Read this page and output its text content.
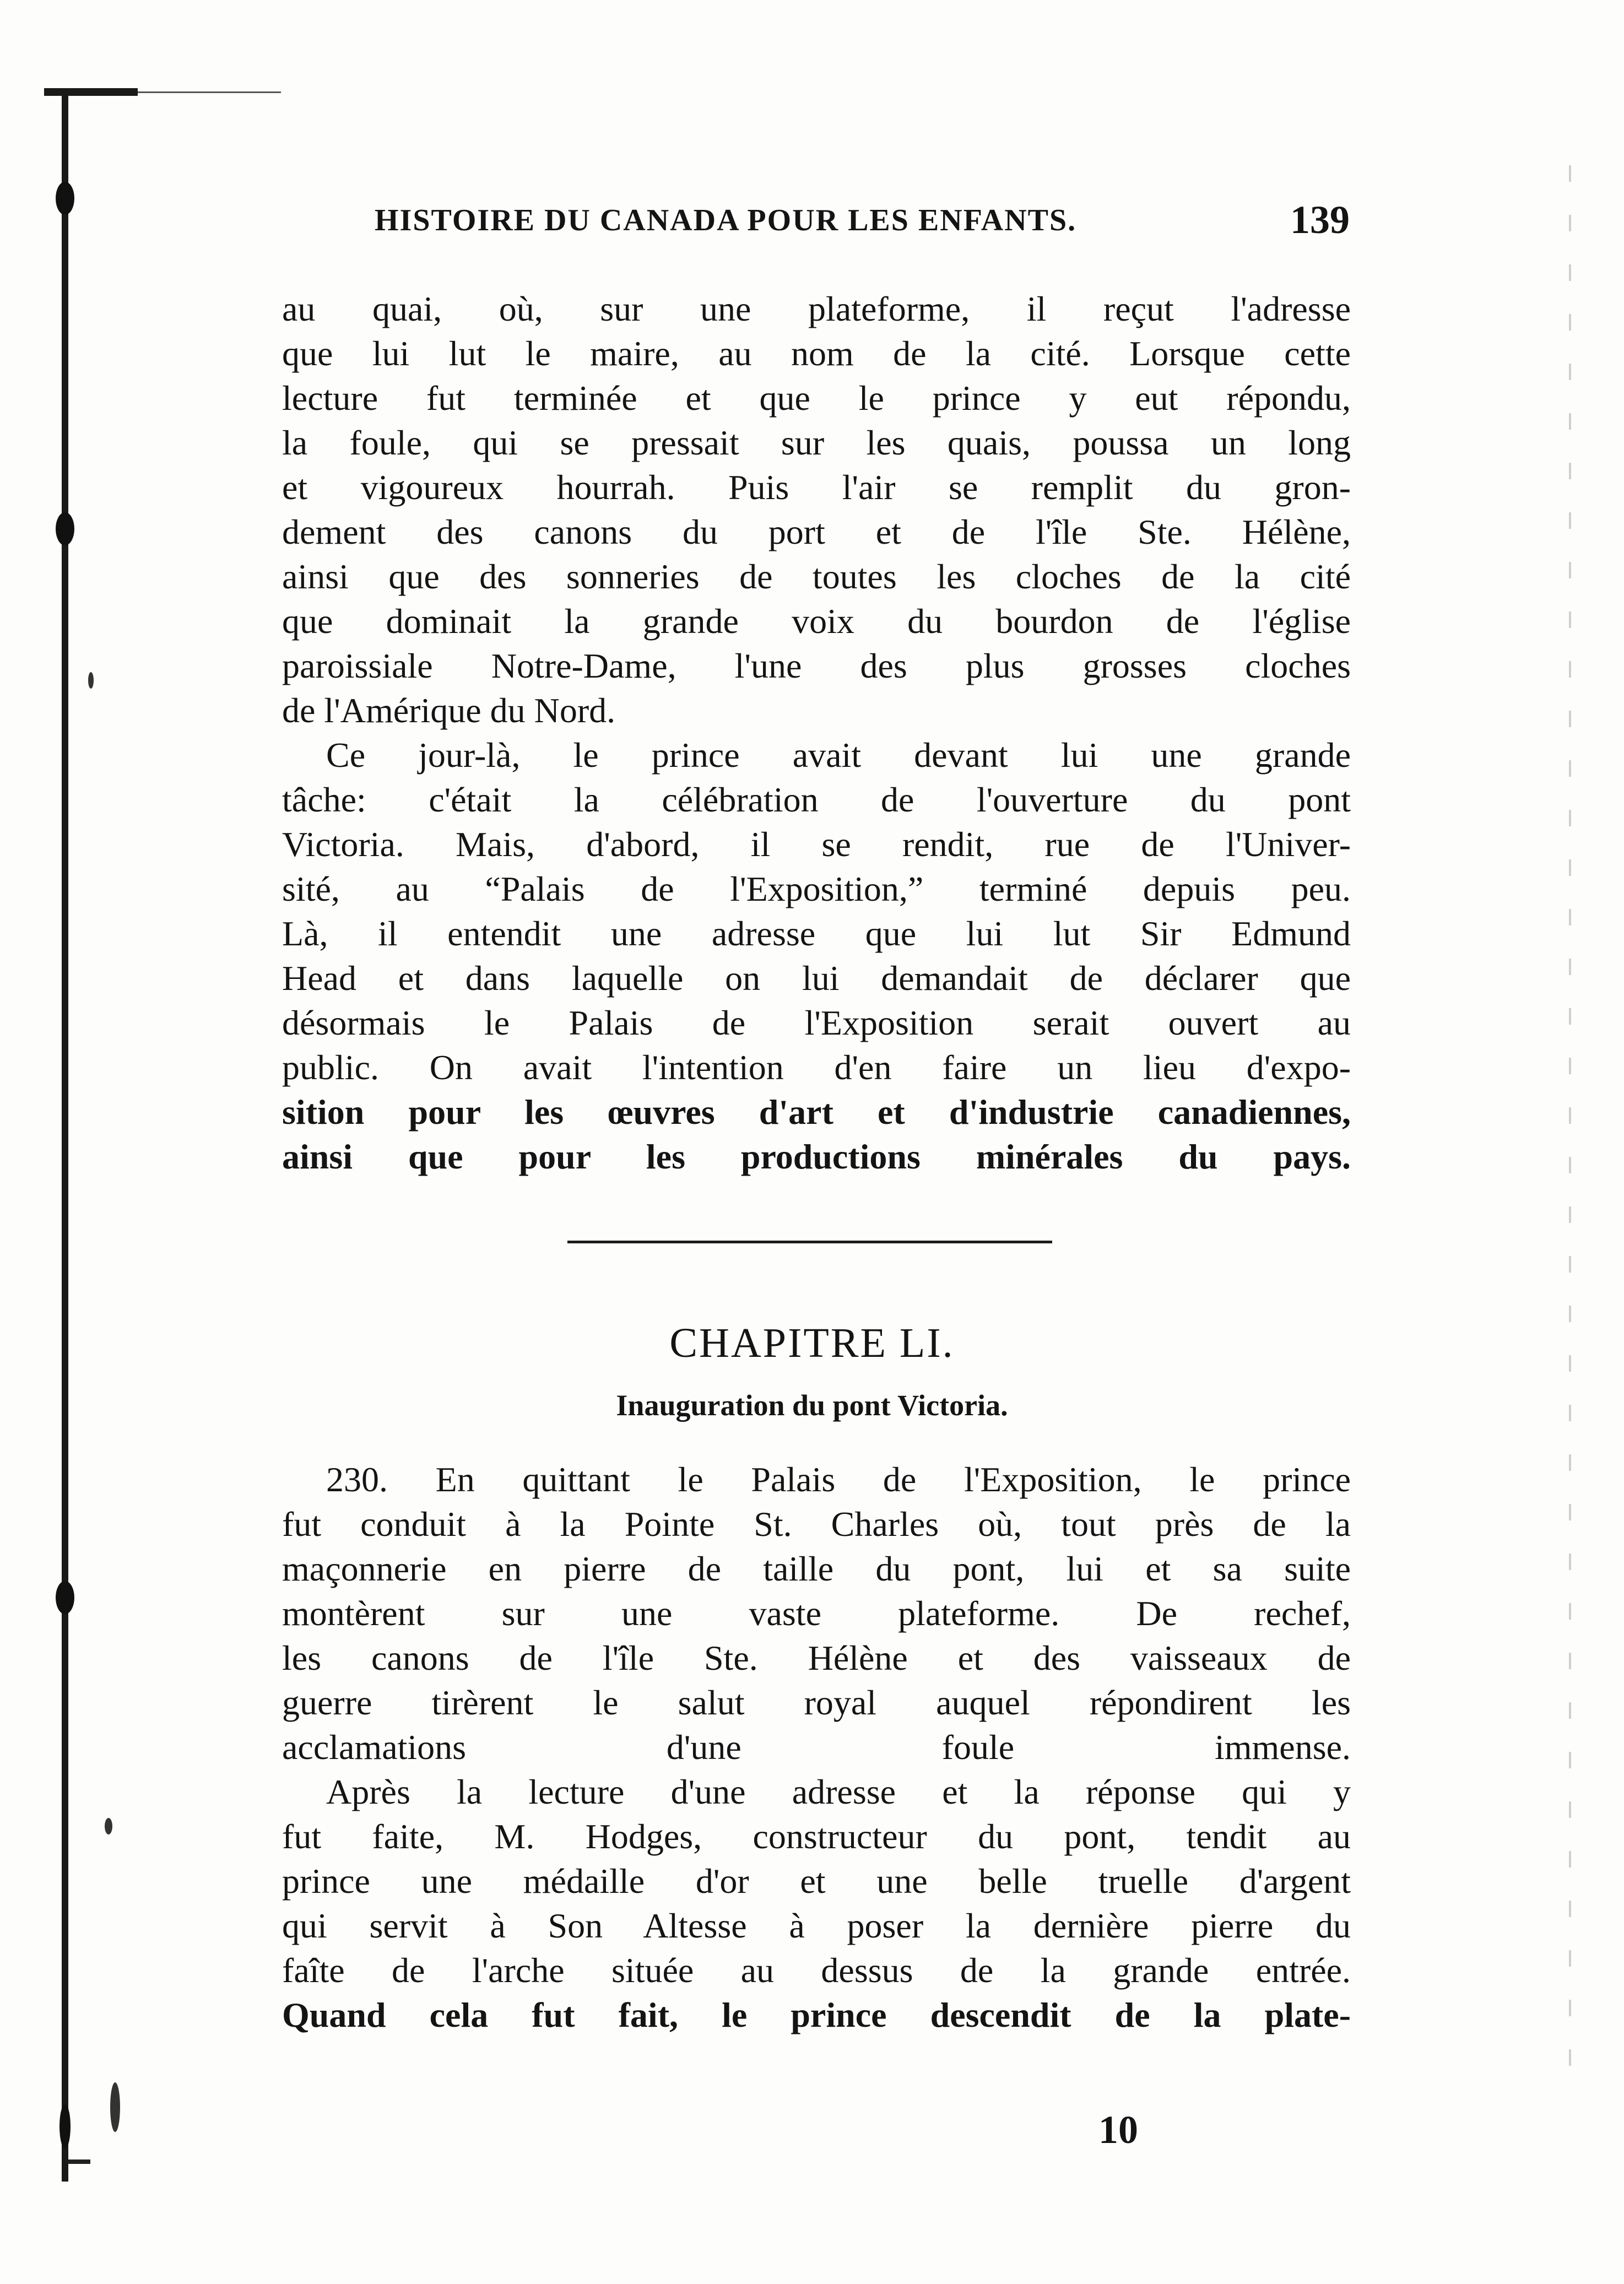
HISTOIRE DU CANADA POUR LES ENFANTS.	139

au quai, où, sur une plateforme, il reçut l'adresse
que lui lut le maire, au nom de la cité. Lorsque cette
lecture fut terminée et que le prince y eut répondu,
la foule, qui se pressait sur les quais, poussa un long
et vigoureux hourrah. Puis l'air se remplit du gron-
dement des canons du port et de l'île Ste. Hélène,
ainsi que des sonneries de toutes les cloches de la cité
que dominait la grande voix du bourdon de l'église
paroissiale Notre-Dame, l'une des plus grosses cloches
de l'Amérique du Nord.

Ce jour-là, le prince avait devant lui une grande
tâche: c'était la célébration de l'ouverture du pont
Victoria. Mais, d'abord, il se rendit, rue de l'Univer-
sité, au “Palais de l'Exposition,” terminé depuis peu.
Là, il entendit une adresse que lui lut Sir Edmund
Head et dans laquelle on lui demandait de déclarer que
désormais le Palais de l'Exposition serait ouvert au
public. On avait l'intention d'en faire un lieu d'expo-
sition pour les œuvres d'art et d'industrie canadiennes,
ainsi que pour les productions minérales du pays.

CHAPITRE LI.
Inauguration du pont Victoria.

230. En quittant le Palais de l'Exposition, le prince
fut conduit à la Pointe St. Charles où, tout près de la
maçonnerie en pierre de taille du pont, lui et sa suite
montèrent sur une vaste plateforme. De rechef,
les canons de l'île Ste. Hélène et des vaisseaux de
guerre tirèrent le salut royal auquel répondirent les
acclamations d'une foule immense.

Après la lecture d'une adresse et la réponse qui y
fut faite, M. Hodges, constructeur du pont, tendit au
prince une médaille d'or et une belle truelle d'argent
qui servit à Son Altesse à poser la dernière pierre du
faîte de l'arche située au dessus de la grande entrée.
Quand cela fut fait, le prince descendit de la plate-

10
